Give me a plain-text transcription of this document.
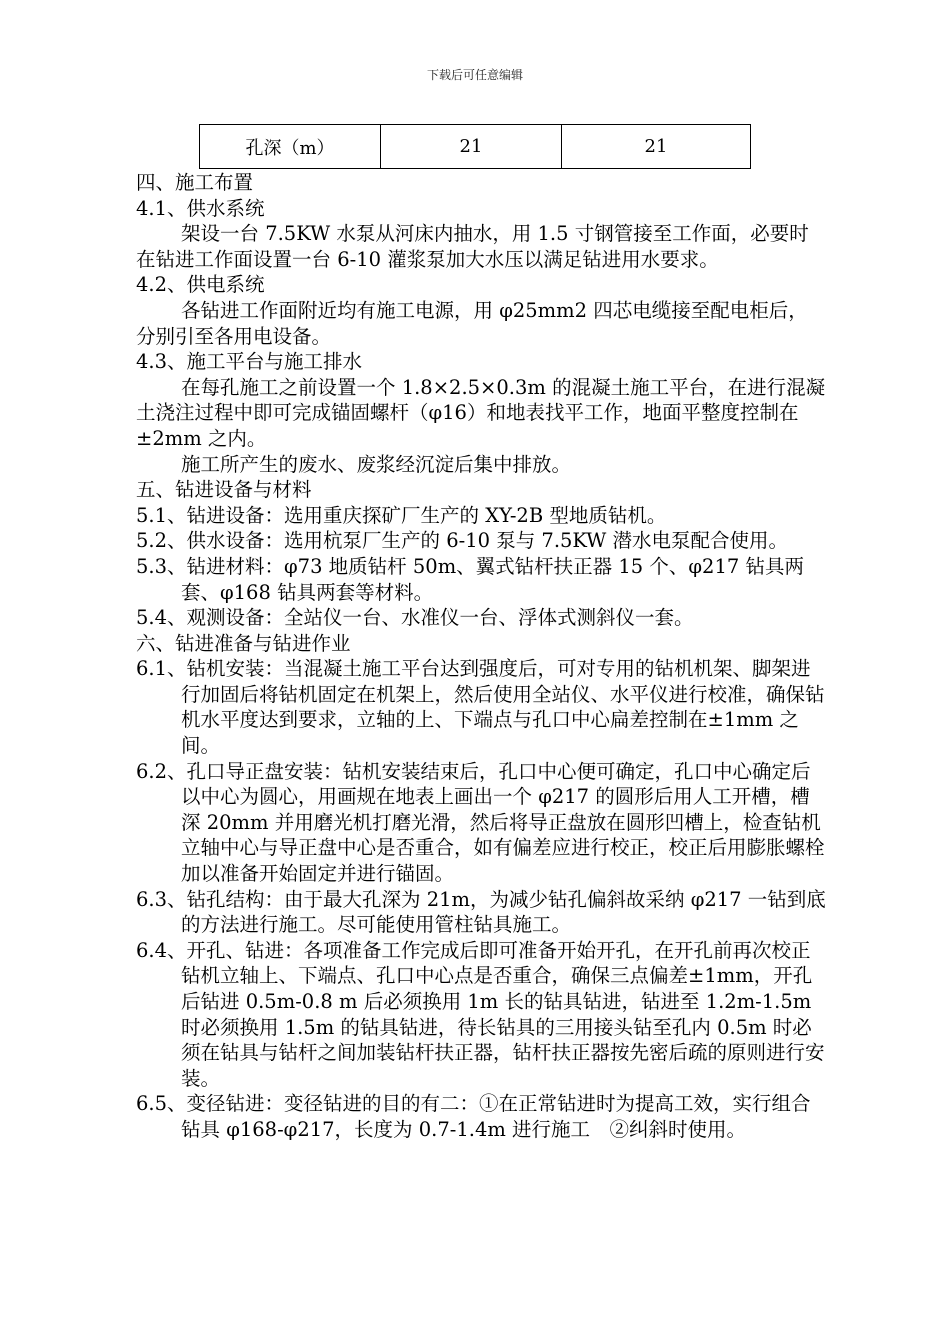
下载后可任意编辑
孔深（m）	21	21

四、施工布置

4.1、供水系统

架设一台 7.5KW 水泵从河床内抽水，用 1.5 寸钢管接至工作面，必要时在钻进工作面设置一台 6-10 灌浆泵加大水压以满足钻进用水要求。

4.2、供电系统

各钻进工作面附近均有施工电源，用 φ25mm2 四芯电缆接至配电柜后，分别引至各用电设备。

4.3、施工平台与施工排水

在每孔施工之前设置一个 1.8×2.5×0.3m 的混凝土施工平台，在进行混凝土浇注过程中即可完成锚固螺杆（φ16）和地表找平工作，地面平整度控制在±2mm 之内。

施工所产生的废水、废浆经沉淀后集中排放。

五、钻进设备与材料

5.1、钻进设备：选用重庆探矿厂生产的 XY-2B 型地质钻机。

5.2、供水设备：选用杭泵厂生产的 6-10 泵与 7.5KW 潜水电泵配合使用。

5.3、钻进材料：φ73 地质钻杆 50m、翼式钻杆扶正器 15 个、φ217 钻具两套、φ168 钻具两套等材料。

5.4、观测设备：全站仪一台、水准仪一台、浮体式测斜仪一套。

六、钻进准备与钻进作业

6.1、钻机安装：当混凝土施工平台达到强度后，可对专用的钻机机架、脚架进行加固后将钻机固定在机架上，然后使用全站仪、水平仪进行校准，确保钻机水平度达到要求，立轴的上、下端点与孔口中心扁差控制在±1mm 之间。

6.2、孔口导正盘安装：钻机安装结束后，孔口中心便可确定，孔口中心确定后以中心为圆心，用画规在地表上画出一个 φ217 的圆形后用人工开槽，槽深 20mm 并用磨光机打磨光滑，然后将导正盘放在圆形凹槽上，检查钻机立轴中心与导正盘中心是否重合，如有偏差应进行校正，校正后用膨胀螺栓加以准备开始固定并进行锚固。

6.3、钻孔结构：由于最大孔深为 21m，为减少钻孔偏斜故采纳 φ217 一钻到底的方法进行施工。尽可能使用管柱钻具施工。

6.4、开孔、钻进：各项准备工作完成后即可准备开始开孔，在开孔前再次校正钻机立轴上、下端点、孔口中心点是否重合，确保三点偏差±1mm，开孔后钻进 0.5m-0.8 m 后必须换用 1m 长的钻具钻进，钻进至 1.2m-1.5m 时必须换用 1.5m 的钻具钻进，待长钻具的三用接头钻至孔内 0.5m 时必须在钻具与钻杆之间加装钻杆扶正器，钻杆扶正器按先密后疏的原则进行安装。

6.5、变径钻进：变径钻进的目的有二：①在正常钻进时为提高工效，实行组合钻具 φ168-φ217，长度为 0.7-1.4m 进行施工　②纠斜时使用。
